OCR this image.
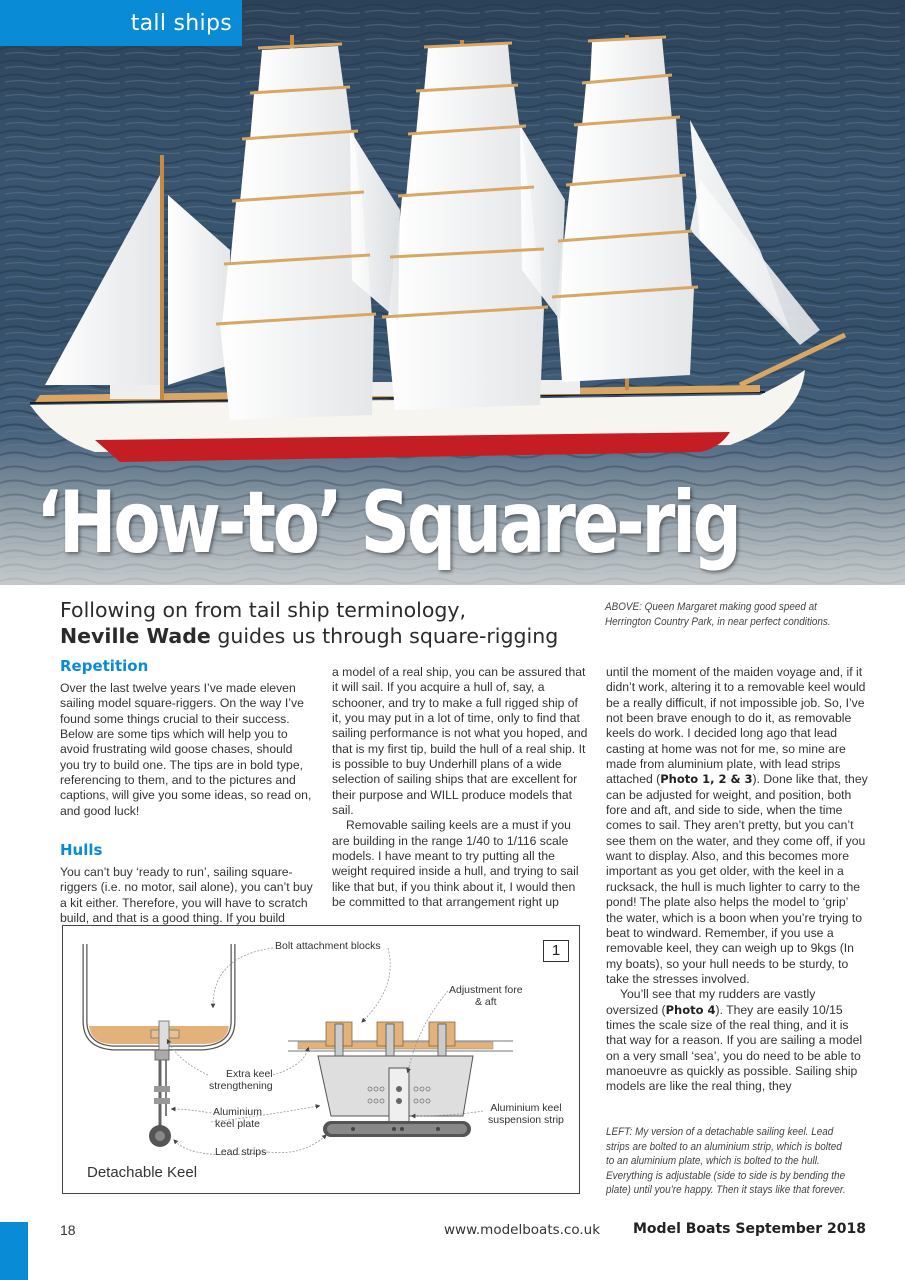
tall ships
‘How-to’ Square-rig
Following on from tail ship terminology,
Neville Wade guides us through square-rigging
ABOVE: Queen Margaret making good speed at Herrington Country Park, in near perfect conditions.
Repetition

Over the last twelve years I’ve made eleven sailing model square-riggers. On the way I’ve found some things crucial to their success. Below are some tips which will help you to avoid frustrating wild goose chases, should you try to build one. The tips are in bold type, referencing to them, and to the pictures and captions, will give you some ideas, so read on, and good luck!

Hulls

You can’t buy ‘ready to run’, sailing square-riggers (i.e. no motor, sail alone), you can’t buy a kit either. Therefore, you will have to scratch build, and that is a good thing. If you build

a model of a real ship, you can be assured that it will sail. If you acquire a hull of, say, a schooner, and try to make a full rigged ship of it, you may put in a lot of time, only to find that sailing performance is not what you hoped, and that is my first tip, build the hull of a real ship. It is possible to buy Underhill plans of a wide selection of sailing ships that are excellent for their purpose and WILL produce models that sail.

Removable sailing keels are a must if you are building in the range 1/40 to 1/116 scale models. I have meant to try putting all the weight required inside a hull, and trying to sail like that but, if you think about it, I would then be committed to that arrangement right up

until the moment of the maiden voyage and, if it didn’t work, altering it to a removable keel would be a really difficult, if not impossible job. So, I’ve not been brave enough to do it, as removable keels do work. I decided long ago that lead casting at home was not for me, so mine are made from aluminium plate, with lead strips attached (Photo 1, 2 & 3). Done like that, they can be adjusted for weight, and position, both fore and aft, and side to side, when the time comes to sail. They aren’t pretty, but you can’t see them on the water, and they come off, if you want to display. Also, and this becomes more important as you get older, with the keel in a rucksack, the hull is much lighter to carry to the pond! The plate also helps the model to ‘grip’ the water, which is a boon when you’re trying to beat to windward. Remember, if you use a removable keel, they can weigh up to 9kgs (In my boats), so your hull needs to be sturdy, to take the stresses involved.

You’ll see that my rudders are vastly oversized (Photo 4). They are easily 10/15 times the scale size of the real thing, and it is that way for a reason. If you are sailing a model on a very small ‘sea’, you do need to be able to manoeuvre as quickly as possible. Sailing ship models are like the real thing, they

LEFT: My version of a detachable sailing keel. Lead strips are bolted to an aluminium strip, which is bolted to an aluminium plate, which is bolted to the hull. Everything is adjustable (side to side is by bending the plate) until you’re happy. Then it stays like that forever.
1
Bolt attachment blocks
Adjustment fore
& aft
Extra keel
strengthening
Aluminium
keel plate
Aluminium keel
suspension strip
Lead strips
Detachable Keel
18	www.modelboats.co.uk Model Boats September 2018
